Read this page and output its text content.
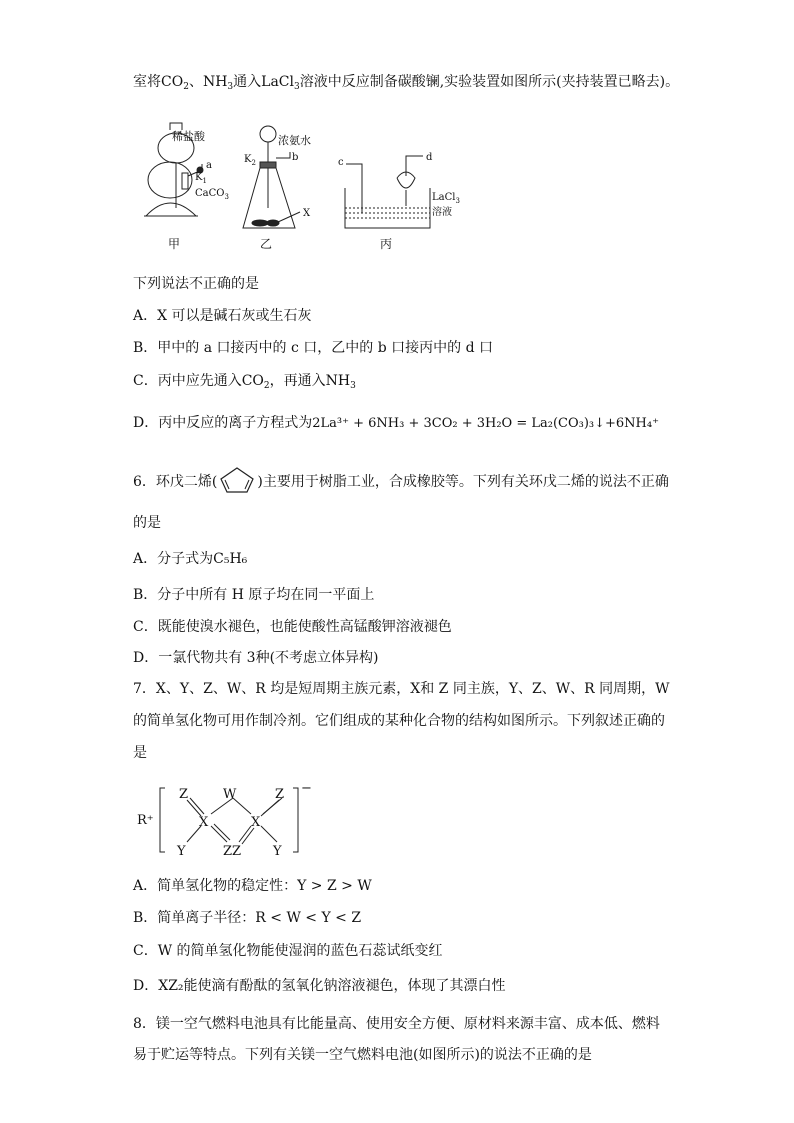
室将$CO_2$、$NH_3$通入LaCl$_3$溶液中反应制备碳酸镧,实验装置如图所示(夹持装置已略去)。
稀盐酸
a
$K_1$
CaCO$_3$
甲
浓氨水
$K_2$	b
X
乙
c	d
LaCl$_3$
溶液
丙
下列说法不正确的是
A．X 可以是碱石灰或生石灰
B．甲中的 a 口接丙中的 c 口，乙中的 b 口接丙中的 d 口
C．丙中应先通入$CO_2$，再通入$NH_3$
D．丙中反应的离子方程式为2La³⁺ + 6NH₃ + 3CO₂ + 3H₂O = La₂(CO₃)₃↓+6NH₄⁺
6．环戊二烯(	)主要用于树脂工业，合成橡胶等。下列有关环戊二烯的说法不正确
的是
A．分子式为C₅H₆
B．分子中所有 H 原子均在同一平面上
C．既能使溴水褪色，也能使酸性高锰酸钾溶液褪色
D．一氯代物共有 3种(不考虑立体异构)
7．X、Y、Z、W、R 均是短周期主族元素，X和 Z 同主族，Y、Z、W、R 同周期，W
的简单氢化物可用作制冷剂。它们组成的某种化合物的结构如图所示。下列叙述正确的
是
R⁺
−
Z	W	Z
X	X
Y	ZZ Y
A．简单氢化物的稳定性：Y > Z > W
B．简单离子半径：R < W < Y < Z
C．W 的简单氢化物能使湿润的蓝色石蕊试纸变红
D．XZ₂能使滴有酚酞的氢氧化钠溶液褪色，体现了其漂白性
8．镁一空气燃料电池具有比能量高、使用安全方便、原材料来源丰富、成本低、燃料
易于贮运等特点。下列有关镁一空气燃料电池(如图所示)的说法不正确的是
